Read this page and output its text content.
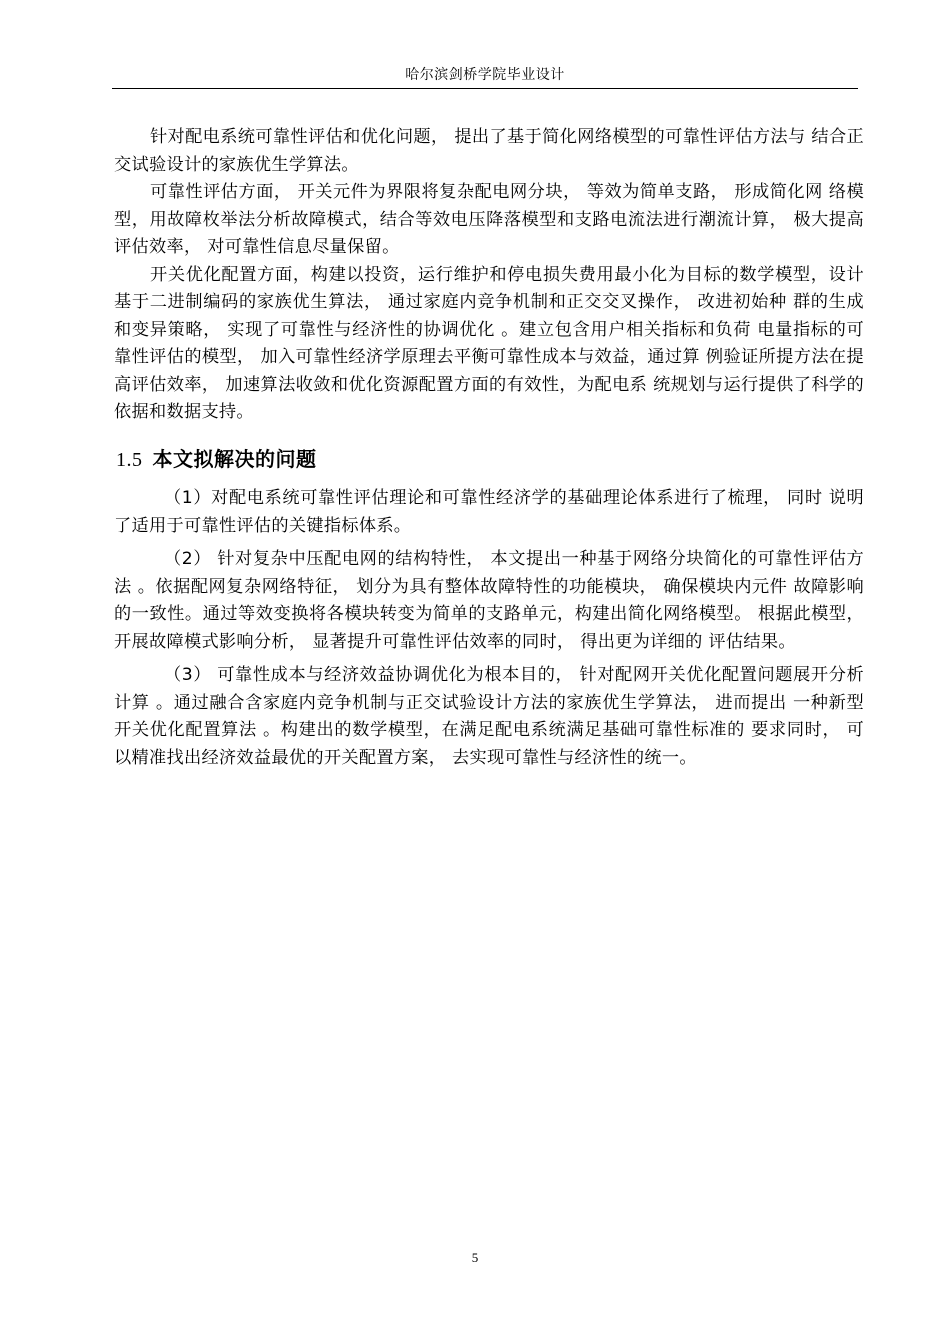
哈尔滨剑桥学院毕业设计

针对配电系统可靠性评估和优化问题， 提出了基于简化网络模型的可靠性评估方法与 结合正交试验设计的家族优生学算法。

可靠性评估方面， 开关元件为界限将复杂配电网分块， 等效为简单支路， 形成简化网 络模型，用故障枚举法分析故障模式，结合等效电压降落模型和支路电流法进行潮流计算， 极大提高评估效率， 对可靠性信息尽量保留。

开关优化配置方面，构建以投资，运行维护和停电损失费用最小化为目标的数学模型，设计基于二进制编码的家族优生算法， 通过家庭内竞争机制和正交交叉操作， 改进初始种 群的生成和变异策略， 实现了可靠性与经济性的协调优化 。建立包含用户相关指标和负荷 电量指标的可靠性评估的模型， 加入可靠性经济学原理去平衡可靠性成本与效益，通过算 例验证所提方法在提高评估效率， 加速算法收敛和优化资源配置方面的有效性，为配电系 统规划与运行提供了科学的依据和数据支持。

1.5 本文拟解决的问题

（1）对配电系统可靠性评估理论和可靠性经济学的基础理论体系进行了梳理， 同时 说明了适用于可靠性评估的关键指标体系。

（2） 针对复杂中压配电网的结构特性， 本文提出一种基于网络分块简化的可靠性评估方法 。依据配网复杂网络特征， 划分为具有整体故障特性的功能模块， 确保模块内元件 故障影响的一致性。通过等效变换将各模块转变为简单的支路单元，构建出简化网络模型。 根据此模型， 开展故障模式影响分析， 显著提升可靠性评估效率的同时， 得出更为详细的 评估结果。

（3） 可靠性成本与经济效益协调优化为根本目的， 针对配网开关优化配置问题展开分析计算 。通过融合含家庭内竞争机制与正交试验设计方法的家族优生学算法， 进而提出 一种新型开关优化配置算法 。构建出的数学模型，在满足配电系统满足基础可靠性标准的 要求同时， 可以精准找出经济效益最优的开关配置方案， 去实现可靠性与经济性的统一。

5
